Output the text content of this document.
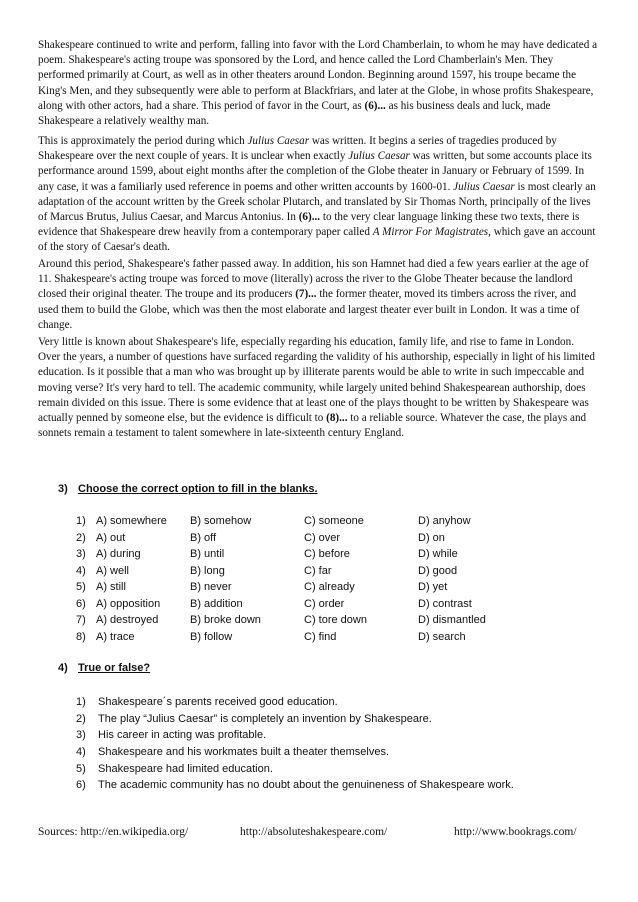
Shakespeare continued to write and perform, falling into favor with the Lord Chamberlain, to whom he may have dedicated a poem. Shakespeare's acting troupe was sponsored by the Lord, and hence called the Lord Chamberlain's Men. They performed primarily at Court, as well as in other theaters around London. Beginning around 1597, his troupe became the King's Men, and they subsequently were able to perform at Blackfriars, and later at the Globe, in whose profits Shakespeare, along with other actors, had a share. This period of favor in the Court, as (6)... as his business deals and luck, made Shakespeare a relatively wealthy man.

This is approximately the period during which Julius Caesar was written. It begins a series of tragedies produced by Shakespeare over the next couple of years. It is unclear when exactly Julius Caesar was written, but some accounts place its performance around 1599, about eight months after the completion of the Globe theater in January or February of 1599. In any case, it was a familiarly used reference in poems and other written accounts by 1600-01. Julius Caesar is most clearly an adaptation of the account written by the Greek scholar Plutarch, and translated by Sir Thomas North, principally of the lives of Marcus Brutus, Julius Caesar, and Marcus Antonius. In (6)... to the very clear language linking these two texts, there is evidence that Shakespeare drew heavily from a contemporary paper called A Mirror For Magistrates, which gave an account of the story of Caesar's death.

Around this period, Shakespeare's father passed away. In addition, his son Hamnet had died a few years earlier at the age of 11. Shakespeare's acting troupe was forced to move (literally) across the river to the Globe Theater because the landlord closed their original theater. The troupe and its producers (7)... the former theater, moved its timbers across the river, and used them to build the Globe, which was then the most elaborate and largest theater ever built in London. It was a time of change.

Very little is known about Shakespeare's life, especially regarding his education, family life, and rise to fame in London. Over the years, a number of questions have surfaced regarding the validity of his authorship, especially in light of his limited education. Is it possible that a man who was brought up by illiterate parents would be able to write in such impeccable and moving verse? It's very hard to tell. The academic community, while largely united behind Shakespearean authorship, does remain divided on this issue. There is some evidence that at least one of the plays thought to be written by Shakespeare was actually penned by someone else, but the evidence is difficult to (8)... to a reliable source. Whatever the case, the plays and sonnets remain a testament to talent somewhere in late-sixteenth century England.

3) Choose the correct option to fill in the blanks.
1) A) somewhere B) somehow	C) someone	D) anyhow
2) A) out	B) off	C) over	D) on
3) A) during	B) until	C) before	D) while
4) A) well	B) long	C) far	D) good
5) A) still	B) never	C) already	D) yet
6) A) opposition	B) addition	C) order	D) contrast
7) A) destroyed	B) broke down	C) tore down	D) dismantled
8) A) trace	B) follow	C) find	D) search
4) True or false?
1) Shakespeare´s parents received good education.
2) The play “Julius Caesar” is completely an invention by Shakespeare.
3) His career in acting was profitable.
4) Shakespeare and his workmates built a theater themselves.
5) Shakespeare had limited education.
6) The academic community has no doubt about the genuineness of Shakespeare work.
Sources: http://en.wikipedia.org/	http://absoluteshakespeare.com/	http://www.bookrags.com/
